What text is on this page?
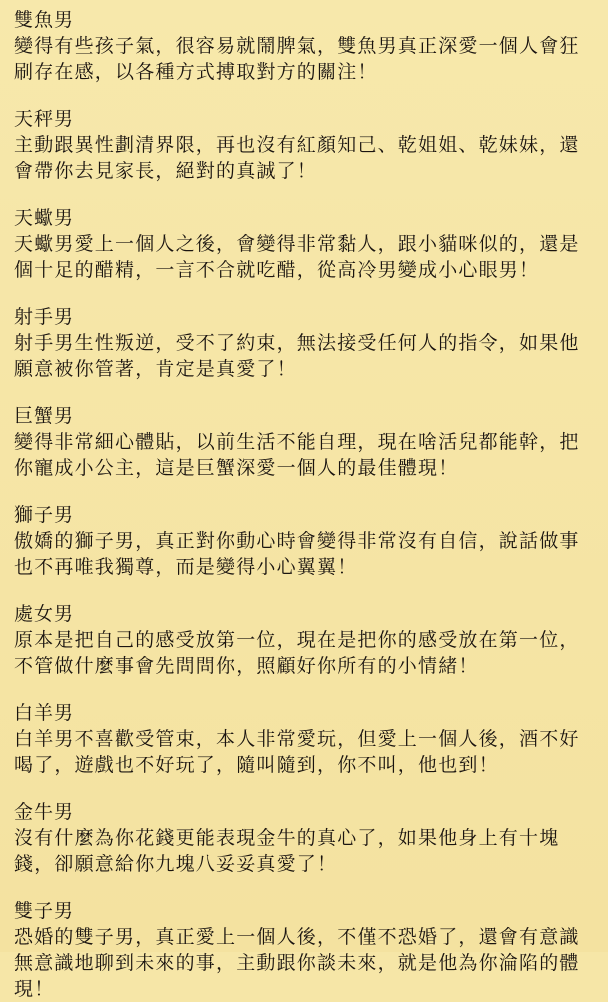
雙魚男

變得有些孩子氣，很容易就鬧脾氣，雙魚男真正深愛一個人會狂刷存在感，以各種方式搏取對方的關注！

天秤男

主動跟異性劃清界限，再也沒有紅顏知己、乾姐姐、乾妹妹，還會帶你去見家長，絕對的真誠了！

天蠍男

天蠍男愛上一個人之後，會變得非常黏人，跟小貓咪似的，還是個十足的醋精，一言不合就吃醋，從高冷男變成小心眼男！

射手男

射手男生性叛逆，受不了約束，無法接受任何人的指令，如果他願意被你管著，肯定是真愛了！

巨蟹男

變得非常細心體貼，以前生活不能自理，現在啥活兒都能幹，把你寵成小公主，這是巨蟹深愛一個人的最佳體現！

獅子男

傲嬌的獅子男，真正對你動心時會變得非常沒有自信，說話做事也不再唯我獨尊，而是變得小心翼翼！

處女男

原本是把自己的感受放第一位，現在是把你的感受放在第一位，不管做什麼事會先問問你，照顧好你所有的小情緒！

白羊男

白羊男不喜歡受管束，本人非常愛玩，但愛上一個人後，酒不好喝了，遊戲也不好玩了，隨叫隨到，你不叫，他也到！

金牛男

沒有什麼為你花錢更能表現金牛的真心了，如果他身上有十塊錢，卻願意給你九塊八妥妥真愛了！

雙子男

恐婚的雙子男，真正愛上一個人後，不僅不恐婚了，還會有意識無意識地聊到未來的事，主動跟你談未來，就是他為你淪陷的體現！
